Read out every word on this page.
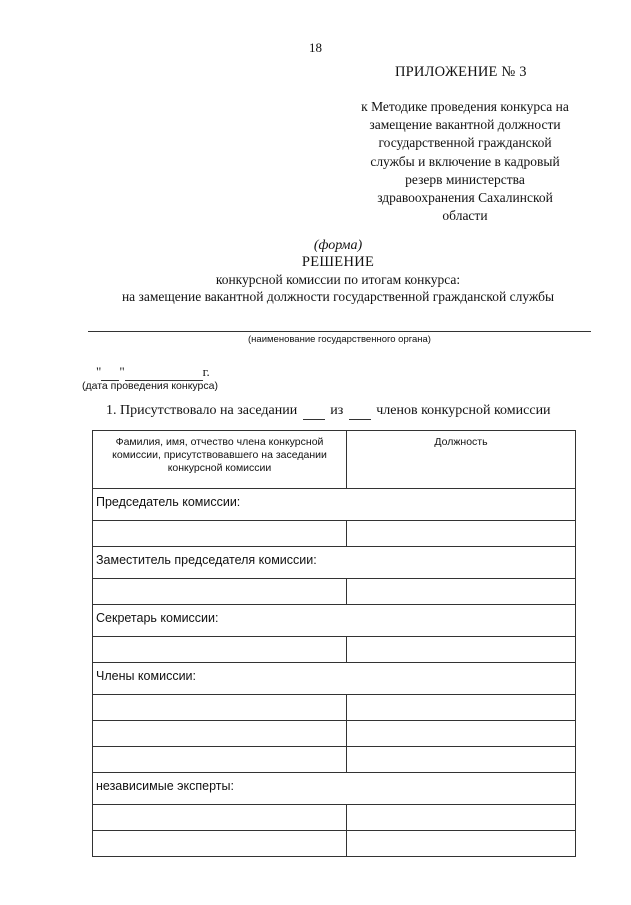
18
ПРИЛОЖЕНИЕ № 3
к Методике проведения конкурса на
замещение вакантной должности
государственной гражданской
службы и включение в кадровый
резерв министерства
здравоохранения Сахалинской
области
(форма)
РЕШЕНИЕ
конкурсной комиссии по итогам конкурса:
на замещение вакантной должности государственной гражданской службы
(наименование государственного органа)
" "	г.
(дата проведения конкурса)
1. Присутствовало на заседании из членов конкурсной комиссии
Фамилия, имя, отчество члена конкурсной комиссии, присутствовавшего на заседании конкурсной комиссии	Должность
Председатель комиссии:	

Заместитель председателя комиссии:	

Секретарь комиссии:	

Члены комиссии:	

независимые эксперты:	
